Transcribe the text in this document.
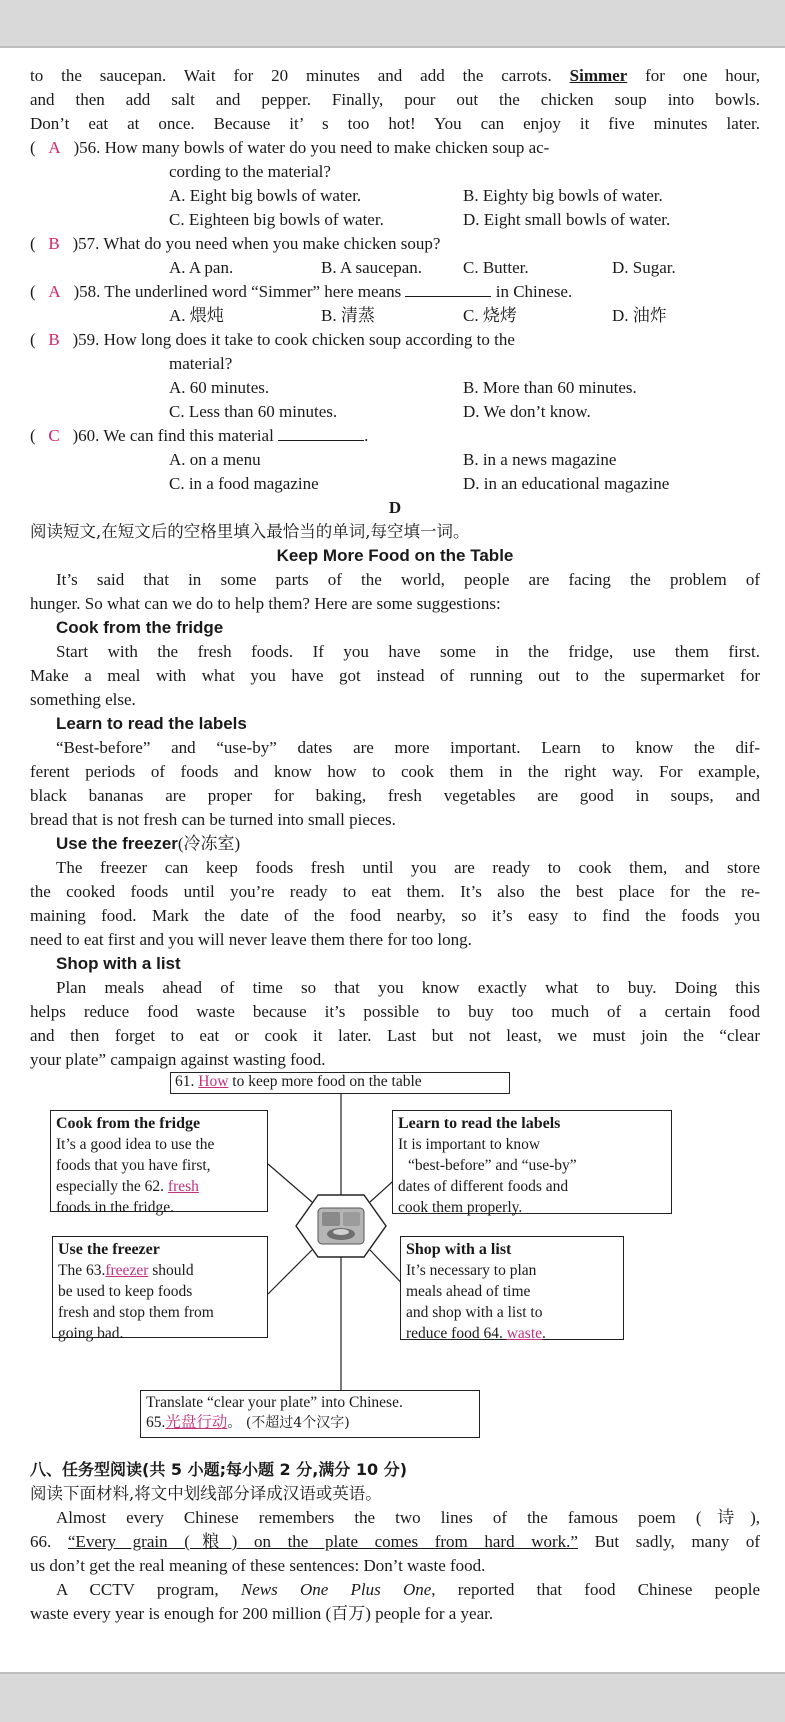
to the saucepan. Wait for 20 minutes and add the carrots. Simmer for one hour,
and then add salt and pepper. Finally, pour out the chicken soup into bowls.
Don’t eat at once. Because it’ s too hot! You can enjoy it five minutes later.
( A )56. How many bowls of water do you need to make chicken soup ac-
cording to the material?
A. Eight big bowls of water.	B. Eighty big bowls of water.
C. Eighteen big bowls of water.	D. Eight small bowls of water.
( B )57. What do you need when you make chicken soup?
A. A pan.	B. A saucepan. C. Butter.	D. Sugar.
( A )58. The underlined word “Simmer” here means	in Chinese.
A. 煨炖	B. 清蒸	C. 烧烤	D. 油炸
( B )59. How long does it take to cook chicken soup according to the
material?
A. 60 minutes.	B. More than 60 minutes.
C. Less than 60 minutes.	D. We don’t know.
( C )60. We can find this material	.
A. on a menu	B. in a news magazine
C. in a food magazine	D. in an educational magazine
D
阅读短文,在短文后的空格里填入最恰当的单词,每空填一词。
Keep More Food on the Table
It’s said that in some parts of the world, people are facing the problem of
hunger. So what can we do to help them? Here are some suggestions:
Cook from the fridge
Start with the fresh foods. If you have some in the fridge, use them first.
Make a meal with what you have got instead of running out to the supermarket for
something else.
Learn to read the labels
“Best-before” and “use-by” dates are more important. Learn to know the dif-
ferent periods of foods and know how to cook them in the right way. For example,
black bananas are proper for baking, fresh vegetables are good in soups, and
bread that is not fresh can be turned into small pieces.
Use the freezer(冷冻室)
The freezer can keep foods fresh until you are ready to cook them, and store
the cooked foods until you’re ready to eat them. It’s also the best place for the re-
maining food. Mark the date of the food nearby, so it’s easy to find the foods you
need to eat first and you will never leave them there for too long.
Shop with a list
Plan meals ahead of time so that you know exactly what to buy. Doing this
helps reduce food waste because it’s possible to buy too much of a certain food
and then forget to eat or cook it later. Last but not least, we must join the “clear
your plate” campaign against wasting food.
61. How to keep more food on the table
Cook from the fridge
It’s a good idea to use the
foods that you have first,
especially the 62. fresh
foods in the fridge.
Learn to read the labels
It is important to know
“best-before” and “use-by”
dates of different foods and
cook them properly.
Use the freezer
The 63.freezer should
be used to keep foods
fresh and stop them from
going bad.
Shop with a list
It’s necessary to plan
meals ahead of time
and shop with a list to
reduce food 64. waste.
Translate “clear your plate” into Chinese.
65.光盘行动。 (不超过4个汉字)
八、任务型阅读(共 5 小题;每小题 2 分,满分 10 分)
阅读下面材料,将文中划线部分译成汉语或英语。
Almost every Chinese remembers the two lines of the famous poem (诗),
66. “Every grain (粮) on the plate comes from hard work.” But sadly, many of
us don’t get the real meaning of these sentences: Don’t waste food.
A CCTV program, News One Plus One, reported that food Chinese people
waste every year is enough for 200 million (百万) people for a year.
